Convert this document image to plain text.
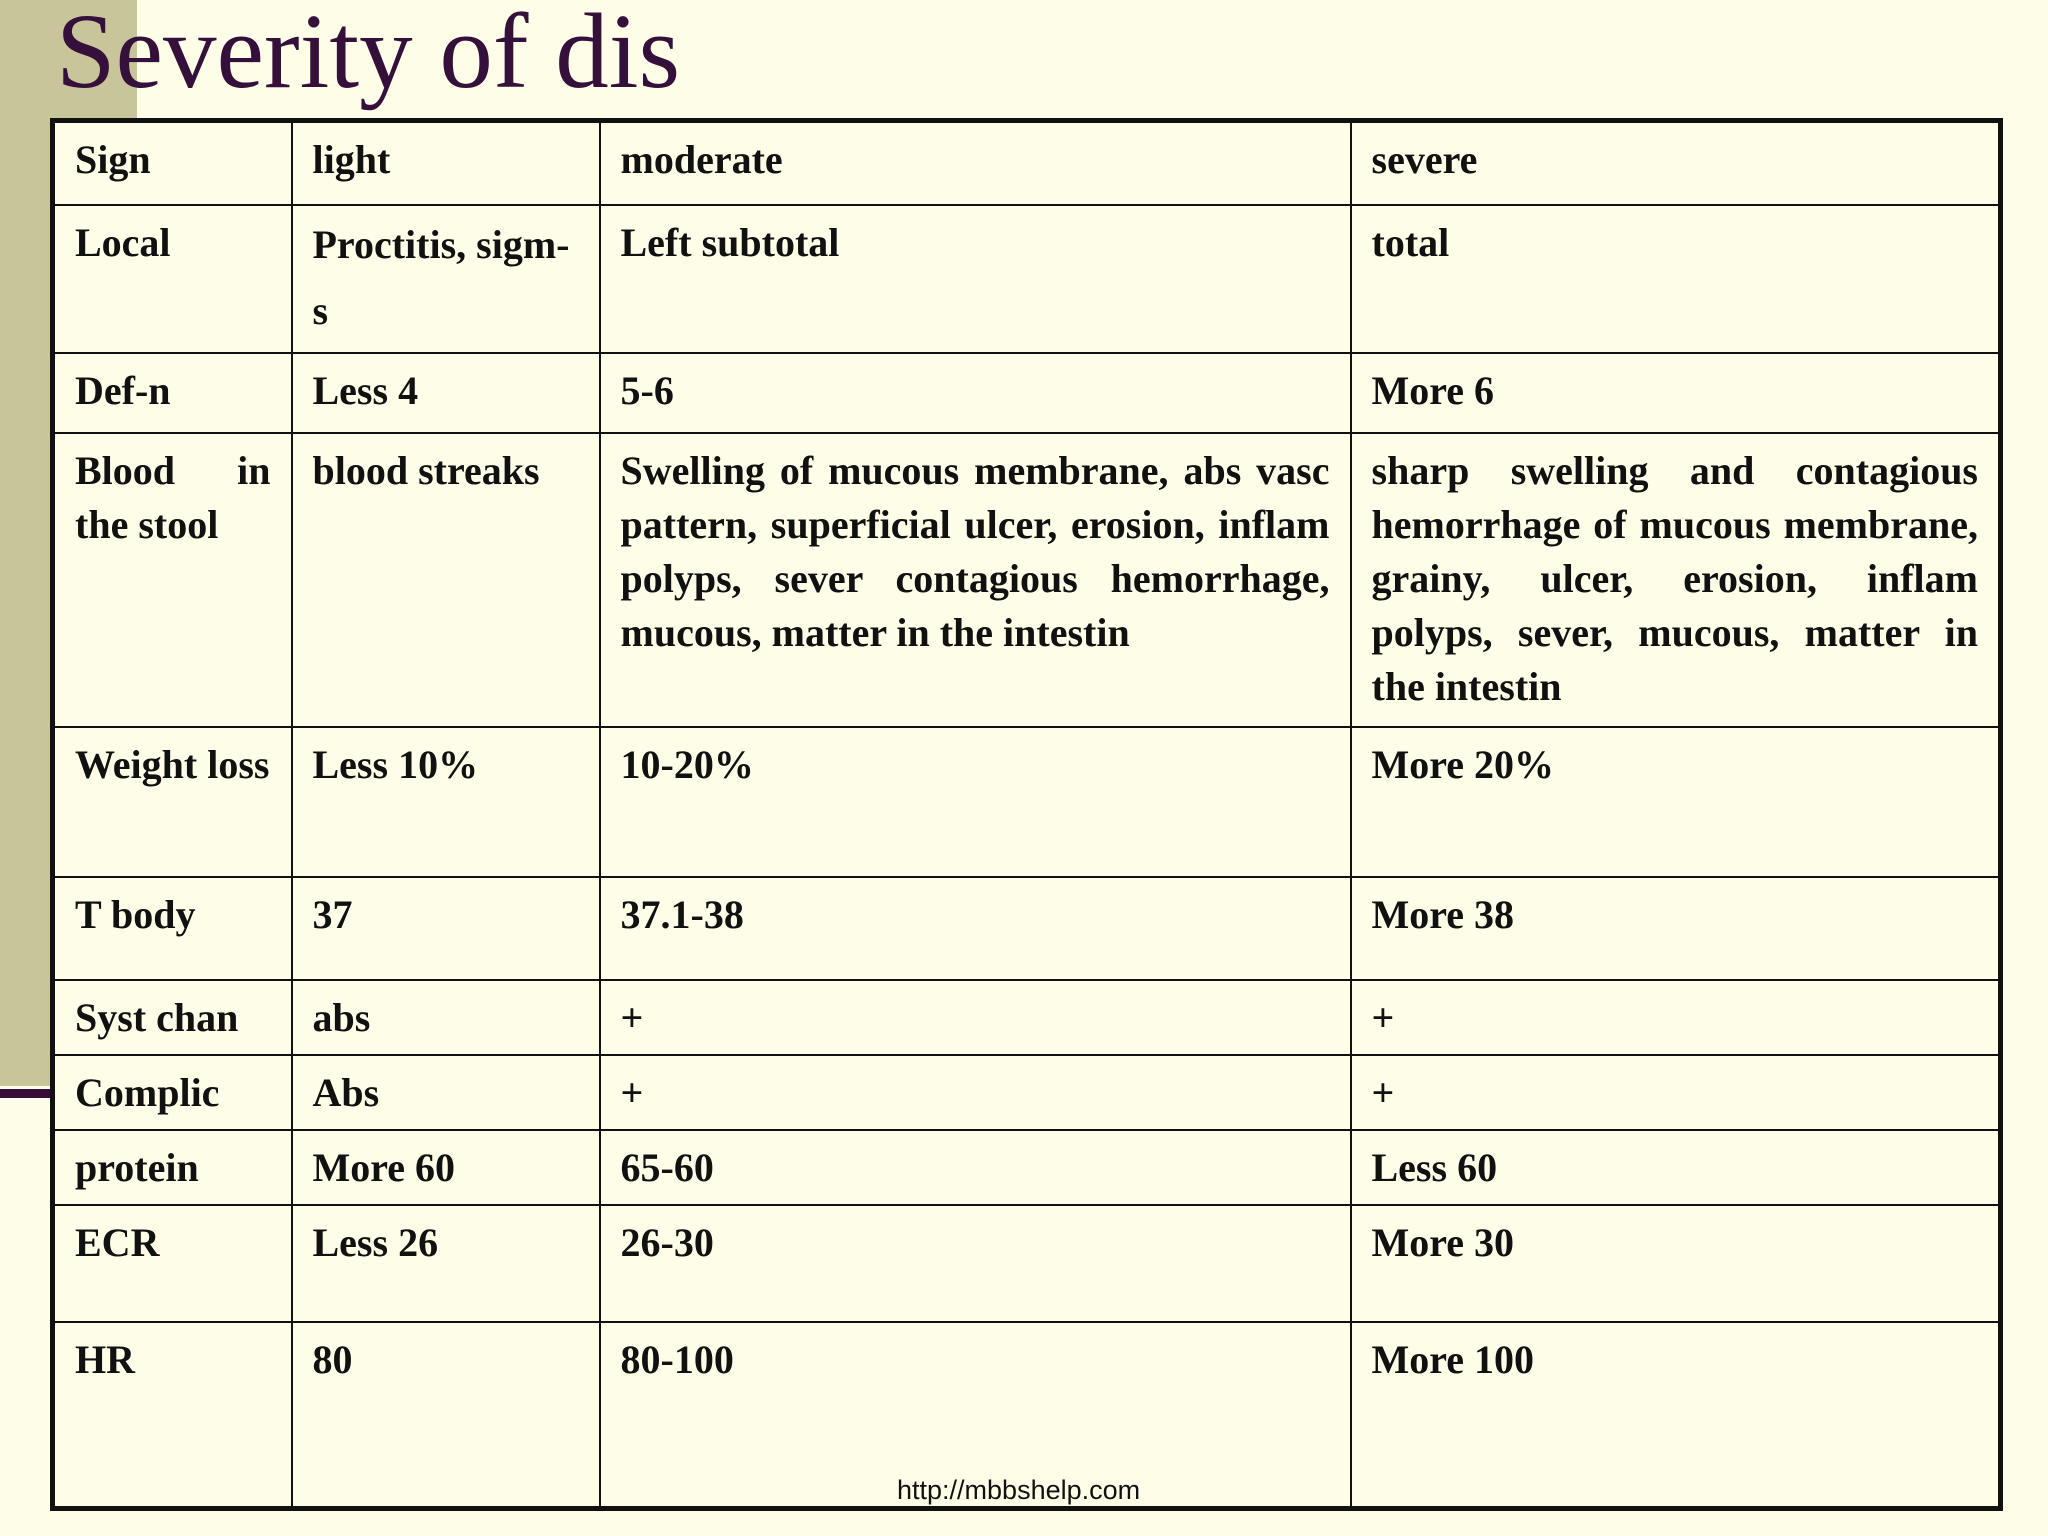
Severity of dis
Sign	light	moderate	severe
Local	Proctitis, sigm-s	Left subtotal	total
Def-n	Less 4	5-6	More 6
Blood in the stool	blood streaks	Swelling of mucous membrane, abs vasc pattern, superficial ulcer, erosion, inflam polyps, sever contagious hemorrhage, mucous, matter in the intestin	sharp swelling and contagious hemorrhage of mucous membrane, grainy, ulcer, erosion, inflam polyps, sever, mucous, matter in the intestin
Weight loss	Less 10%	10-20%	More 20%
T body	37	37.1-38	More 38
Syst chan	abs	+	+
Complic	Abs	+	+
protein	More 60	65-60	Less 60
ECR	Less 26	26-30	More 30
HR	80	80-100	More 100
http://mbbshelp.com
